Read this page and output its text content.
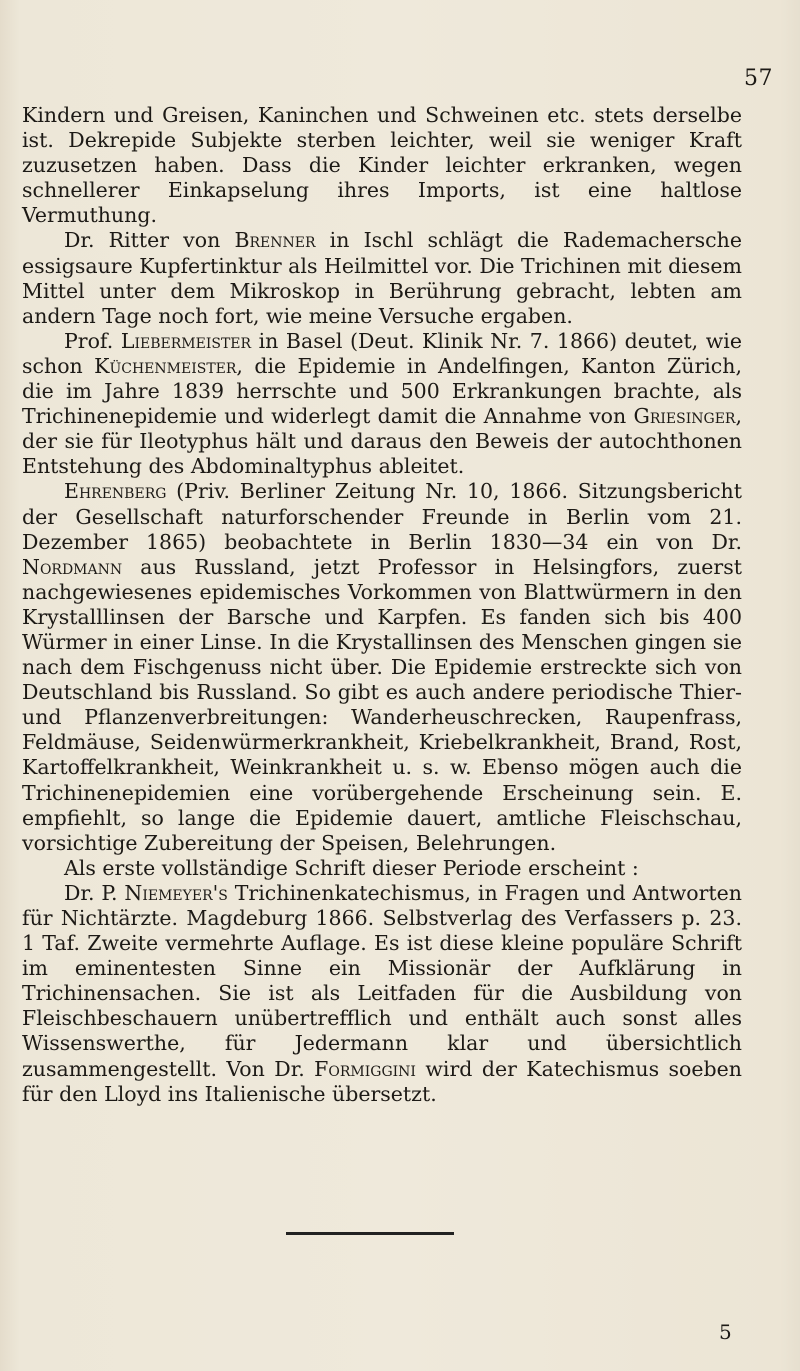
57

Kindern und Greisen, Kaninchen und Schweinen etc. stets derselbe ist. Dekrepide Subjekte sterben leichter, weil sie weniger Kraft zuzusetzen haben. Dass die Kinder leichter erkranken, wegen schnellerer Einkapselung ihres Imports, ist eine haltlose Vermuthung.

Dr. Ritter von Brenner in Ischl schlägt die Rademachersche essigsaure Kupfertinktur als Heilmittel vor. Die Trichinen mit diesem Mittel unter dem Mikroskop in Berührung gebracht, lebten am andern Tage noch fort, wie meine Versuche ergaben.

Prof. Liebermeister in Basel (Deut. Klinik Nr. 7. 1866) deutet, wie schon Küchenmeister, die Epidemie in Andelfingen, Kanton Zürich, die im Jahre 1839 herrschte und 500 Erkrankungen brachte, als Trichinenepidemie und widerlegt damit die Annahme von Griesinger, der sie für Ileotyphus hält und daraus den Beweis der autochthonen Entstehung des Abdominaltyphus ableitet.

Ehrenberg (Priv. Berliner Zeitung Nr. 10, 1866. Sitzungsbericht der Gesellschaft naturforschender Freunde in Berlin vom 21. Dezember 1865) beobachtete in Berlin 1830—34 ein von Dr. Nordmann aus Russland, jetzt Professor in Helsingfors, zuerst nachgewiesenes epidemisches Vorkommen von Blattwürmern in den Krystalllinsen der Barsche und Karpfen. Es fanden sich bis 400 Würmer in einer Linse. In die Krystallinsen des Menschen gingen sie nach dem Fischgenuss nicht über. Die Epidemie erstreckte sich von Deutschland bis Russland. So gibt es auch andere periodische Thier- und Pflanzenverbreitungen: Wanderheuschrecken, Raupenfrass, Feldmäuse, Seidenwürmerkrankheit, Kriebelkrankheit, Brand, Rost, Kartoffelkrankheit, Weinkrankheit u. s. w. Ebenso mögen auch die Trichinenepidemien eine vorübergehende Erscheinung sein. E. empfiehlt, so lange die Epidemie dauert, amtliche Fleischschau, vorsichtige Zubereitung der Speisen, Belehrungen.

Als erste vollständige Schrift dieser Periode erscheint :

Dr. P. Niemeyer's Trichinenkatechismus, in Fragen und Antworten für Nichtärzte. Magdeburg 1866. Selbstverlag des Verfassers p. 23. 1 Taf. Zweite vermehrte Auflage. Es ist diese kleine populäre Schrift im eminentesten Sinne ein Missionär der Aufklärung in Trichinensachen. Sie ist als Leitfaden für die Ausbildung von Fleischbeschauern unübertrefflich und enthält auch sonst alles Wissenswerthe, für Jedermann klar und übersichtlich zusammengestellt. Von Dr. Formiggini wird der Katechismus soeben für den Lloyd ins Italienische übersetzt.

5
